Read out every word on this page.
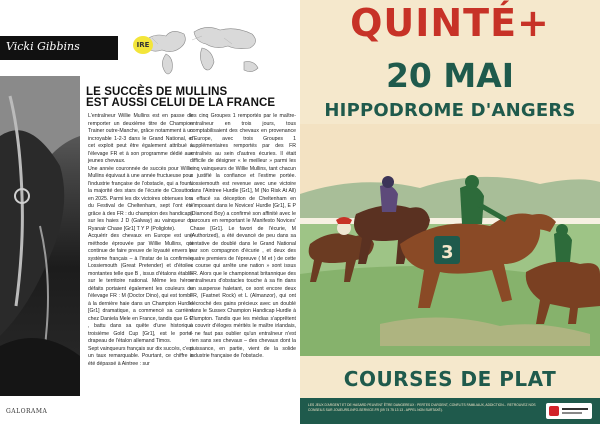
Vicki Gibbins	IRE
LE SUCCÈS DE MULLINS
EST AUSSI CELUI DE LA FRANCE

L'entraîneur Willie Mullins est en passe de remporter un deuxième titre de Champion Trainer outre-Manche, grâce notamment à un incroyable 1-2-3 dans le Grand National, et cet exploit peut être également attribué à l'élevage FR et à son programme dédié aux jeunes chevaux.

Une année couronnée de succès pour Willie Mullins équivaut à une année fructueuse pour l'industrie française de l'obstacle, qui a fourni la majorité des stars de l'écurie de Closutton en 2025. Parmi les dix victoires obtenues lors du Festival de Cheltenham, sept l'ont été grâce à des FR : du champion des handicaps sur les haies J D (Galway) au vainqueur du Ryanair Chase [Gr1] T Y P (Poliglote).

Acquérir des chevaux en Europe est une méthode éprouvée par Willie Mullins, qui continue de faire preuve de loyauté envers le système français – à l'instar de la confirmée Lossiemouth (Great Pretender) et d'étoiles montantes telle que B , issus d'étalons établis sur le territoire national. Même les héros défaits portaient également les couleurs de l'élevage FR : M (Doctor Dino), qui est tombé à la dernière haie dans un Champion Hurdle [Gr1] dramatique, a commencé sa carrière chez Daniela Mele en France, tandis que G C , battu dans sa quête d'une historique troisième Gold Cup [Gr1], est le porte-drapeau de l'étalon allemand Timos.

Sept vainqueurs français sur dix succès, c'est un taux remarquable. Pourtant, ce chiffre a été dépassé à Aintree : sur

les cinq Groupes 1 remportés par le maître-entraîneur en trois jours, tous comptabilisaient des chevaux en provenance d'Europe, avec trois Groupes 1 supplémentaires remportés par des FR entraînés au sein d'autres écuries. Il était difficile de désigner « le meilleur » parmi les cinq vainqueurs de Willie Mullins, tant chacun a justifié la confiance et l'estime portée. Lossiemouth est revenue avec une victoire dans l'Aintree Hurdle [Gr1], M (No Risk At All) a effacé sa déception de Cheltenham en s'imposant dans le Novices' Hurdle [Gr1], E P (Diamond Boy) a confirmé son affinité avec le parcours en remportant le Manifesto Novices' Chase [Gr1]. Le favori de l'écurie, M (Authorized), a été devancé de peu dans sa tentative de doublé dans le Grand National par son compagnon d'écurie , et deux des quatre premiers de l'épreuve ( M et ) de cette « course qui arrête une nation » sont issus FR. Alors que le championnat britannique des entraîneurs d'obstacles touche à sa fin dans un suspense haletant, ce sont encore deux FR, (Fastnet Rock) et L (Almanzor), qui ont décroché des gains précieux avec un doublé dans le Sussex Champion Handicap Hurdle à Plumpton. Tandis que les médias s'apprêtent à couvrir d'éloges mérités le maître irlandais, il ne faut pas oublier qu'un entraîneur n'est rien sans ses chevaux – des chevaux dont la puissance, en partie, vient de la solide industrie française de l'obstacle.

GALORAMA
QUINTÉ+
20 MAI
HIPPODROME D'ANGERS
3
COURSES DE PLAT
LES JEUX D'ARGENT ET DE HASARD PEUVENT ÊTRE DANGEREUX : PERTES D'ARGENT, CONFLITS FAMILIAUX, ADDICTION... RETROUVEZ NOS CONSEILS SUR JOUEURS-INFO-SERVICE.FR (09 74 75 13 13 - APPEL NON SURTAXÉ).
